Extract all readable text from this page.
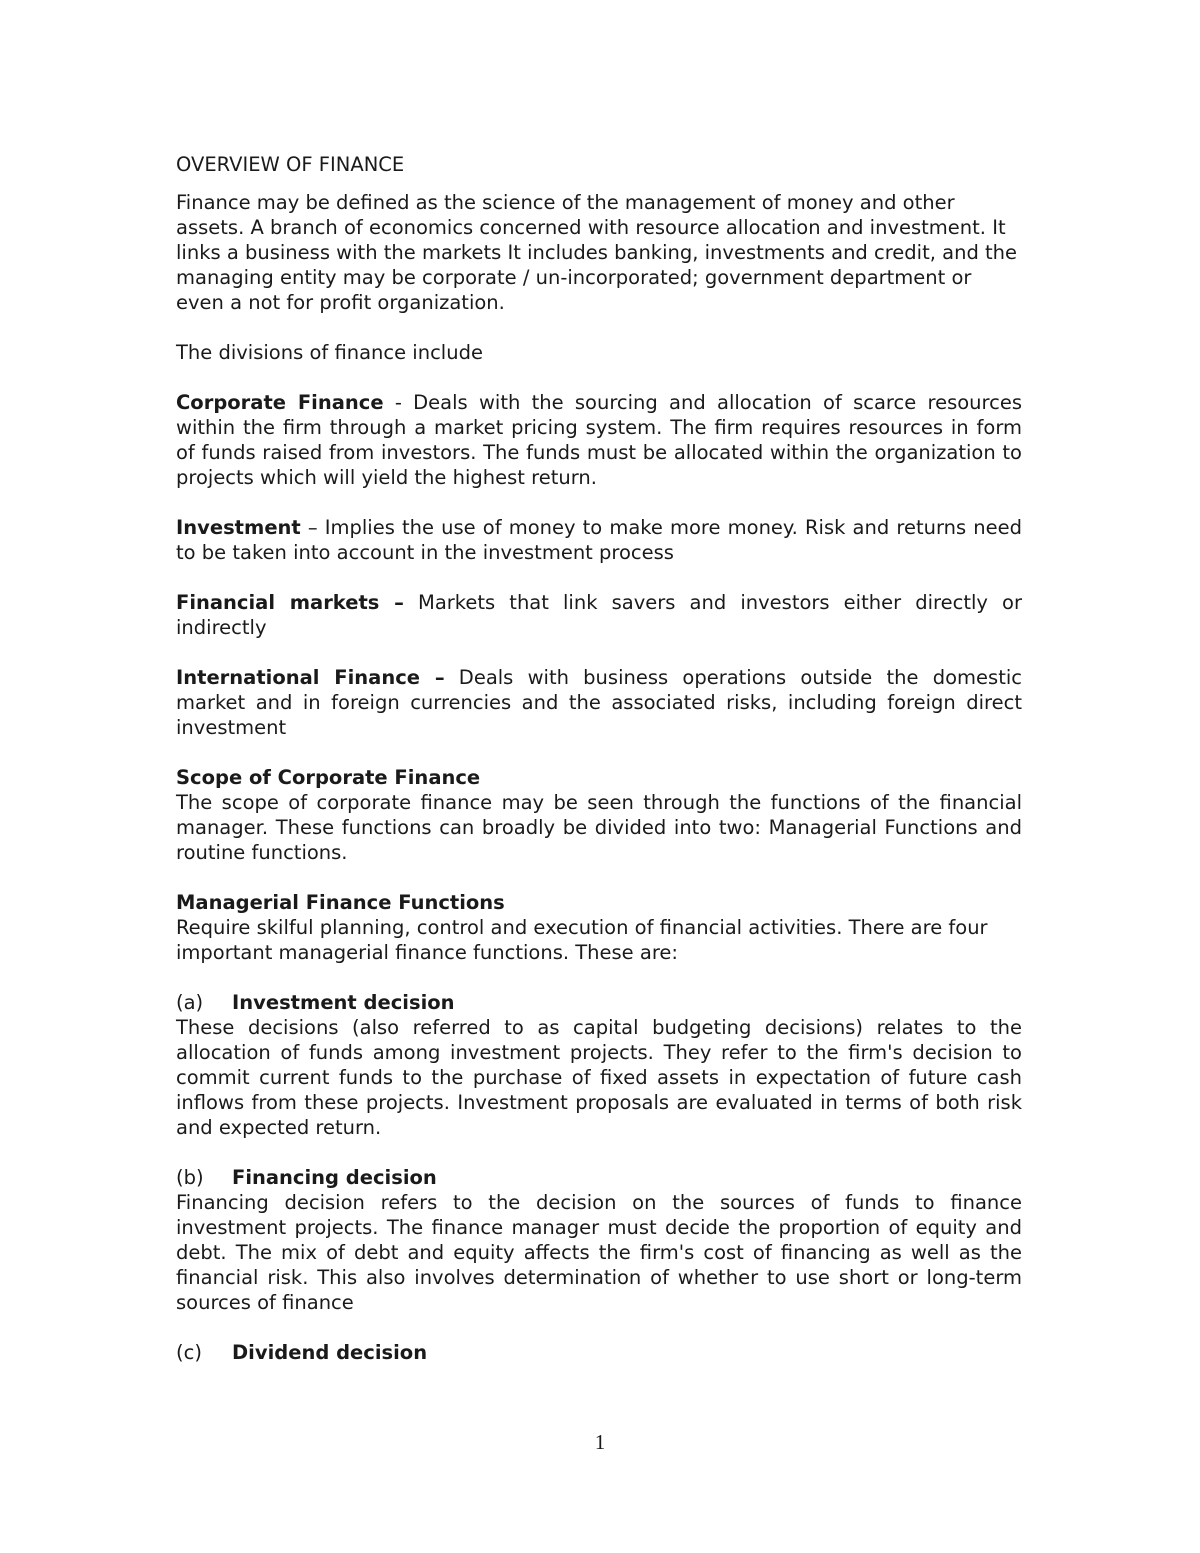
OVERVIEW OF FINANCE

Finance may be defined as the science of the management of money and other assets. A branch of economics concerned with resource allocation and investment. It links a business with the markets It includes banking, investments and credit, and the managing entity may be corporate / un-incorporated; government department or even a not for profit organization.

The divisions of finance include

Corporate Finance - Deals with the sourcing and allocation of scarce resources within the firm through a market pricing system. The firm requires resources in form of funds raised from investors. The funds must be allocated within the organization to projects which will yield the highest return.

Investment – Implies the use of money to make more money. Risk and returns need to be taken into account in the investment process

Financial markets – Markets that link savers and investors either directly or indirectly

International Finance – Deals with business operations outside the domestic market and in foreign currencies and the associated risks, including foreign direct investment

Scope of Corporate Finance
The scope of corporate finance may be seen through the functions of the financial manager. These functions can broadly be divided into two: Managerial Functions and routine functions.
Managerial Finance Functions
Require skilful planning, control and execution of financial activities. There are four important managerial finance functions. These are:
(a) Investment decision
These decisions (also referred to as capital budgeting decisions) relates to the allocation of funds among investment projects. They refer to the firm's decision to commit current funds to the purchase of fixed assets in expectation of future cash inflows from these projects. Investment proposals are evaluated in terms of both risk and expected return.
(b) Financing decision
Financing decision refers to the decision on the sources of funds to finance investment projects. The finance manager must decide the proportion of equity and debt. The mix of debt and equity affects the firm's cost of financing as well as the financial risk. This also involves determination of whether to use short or long-term sources of finance
(c) Dividend decision
1
